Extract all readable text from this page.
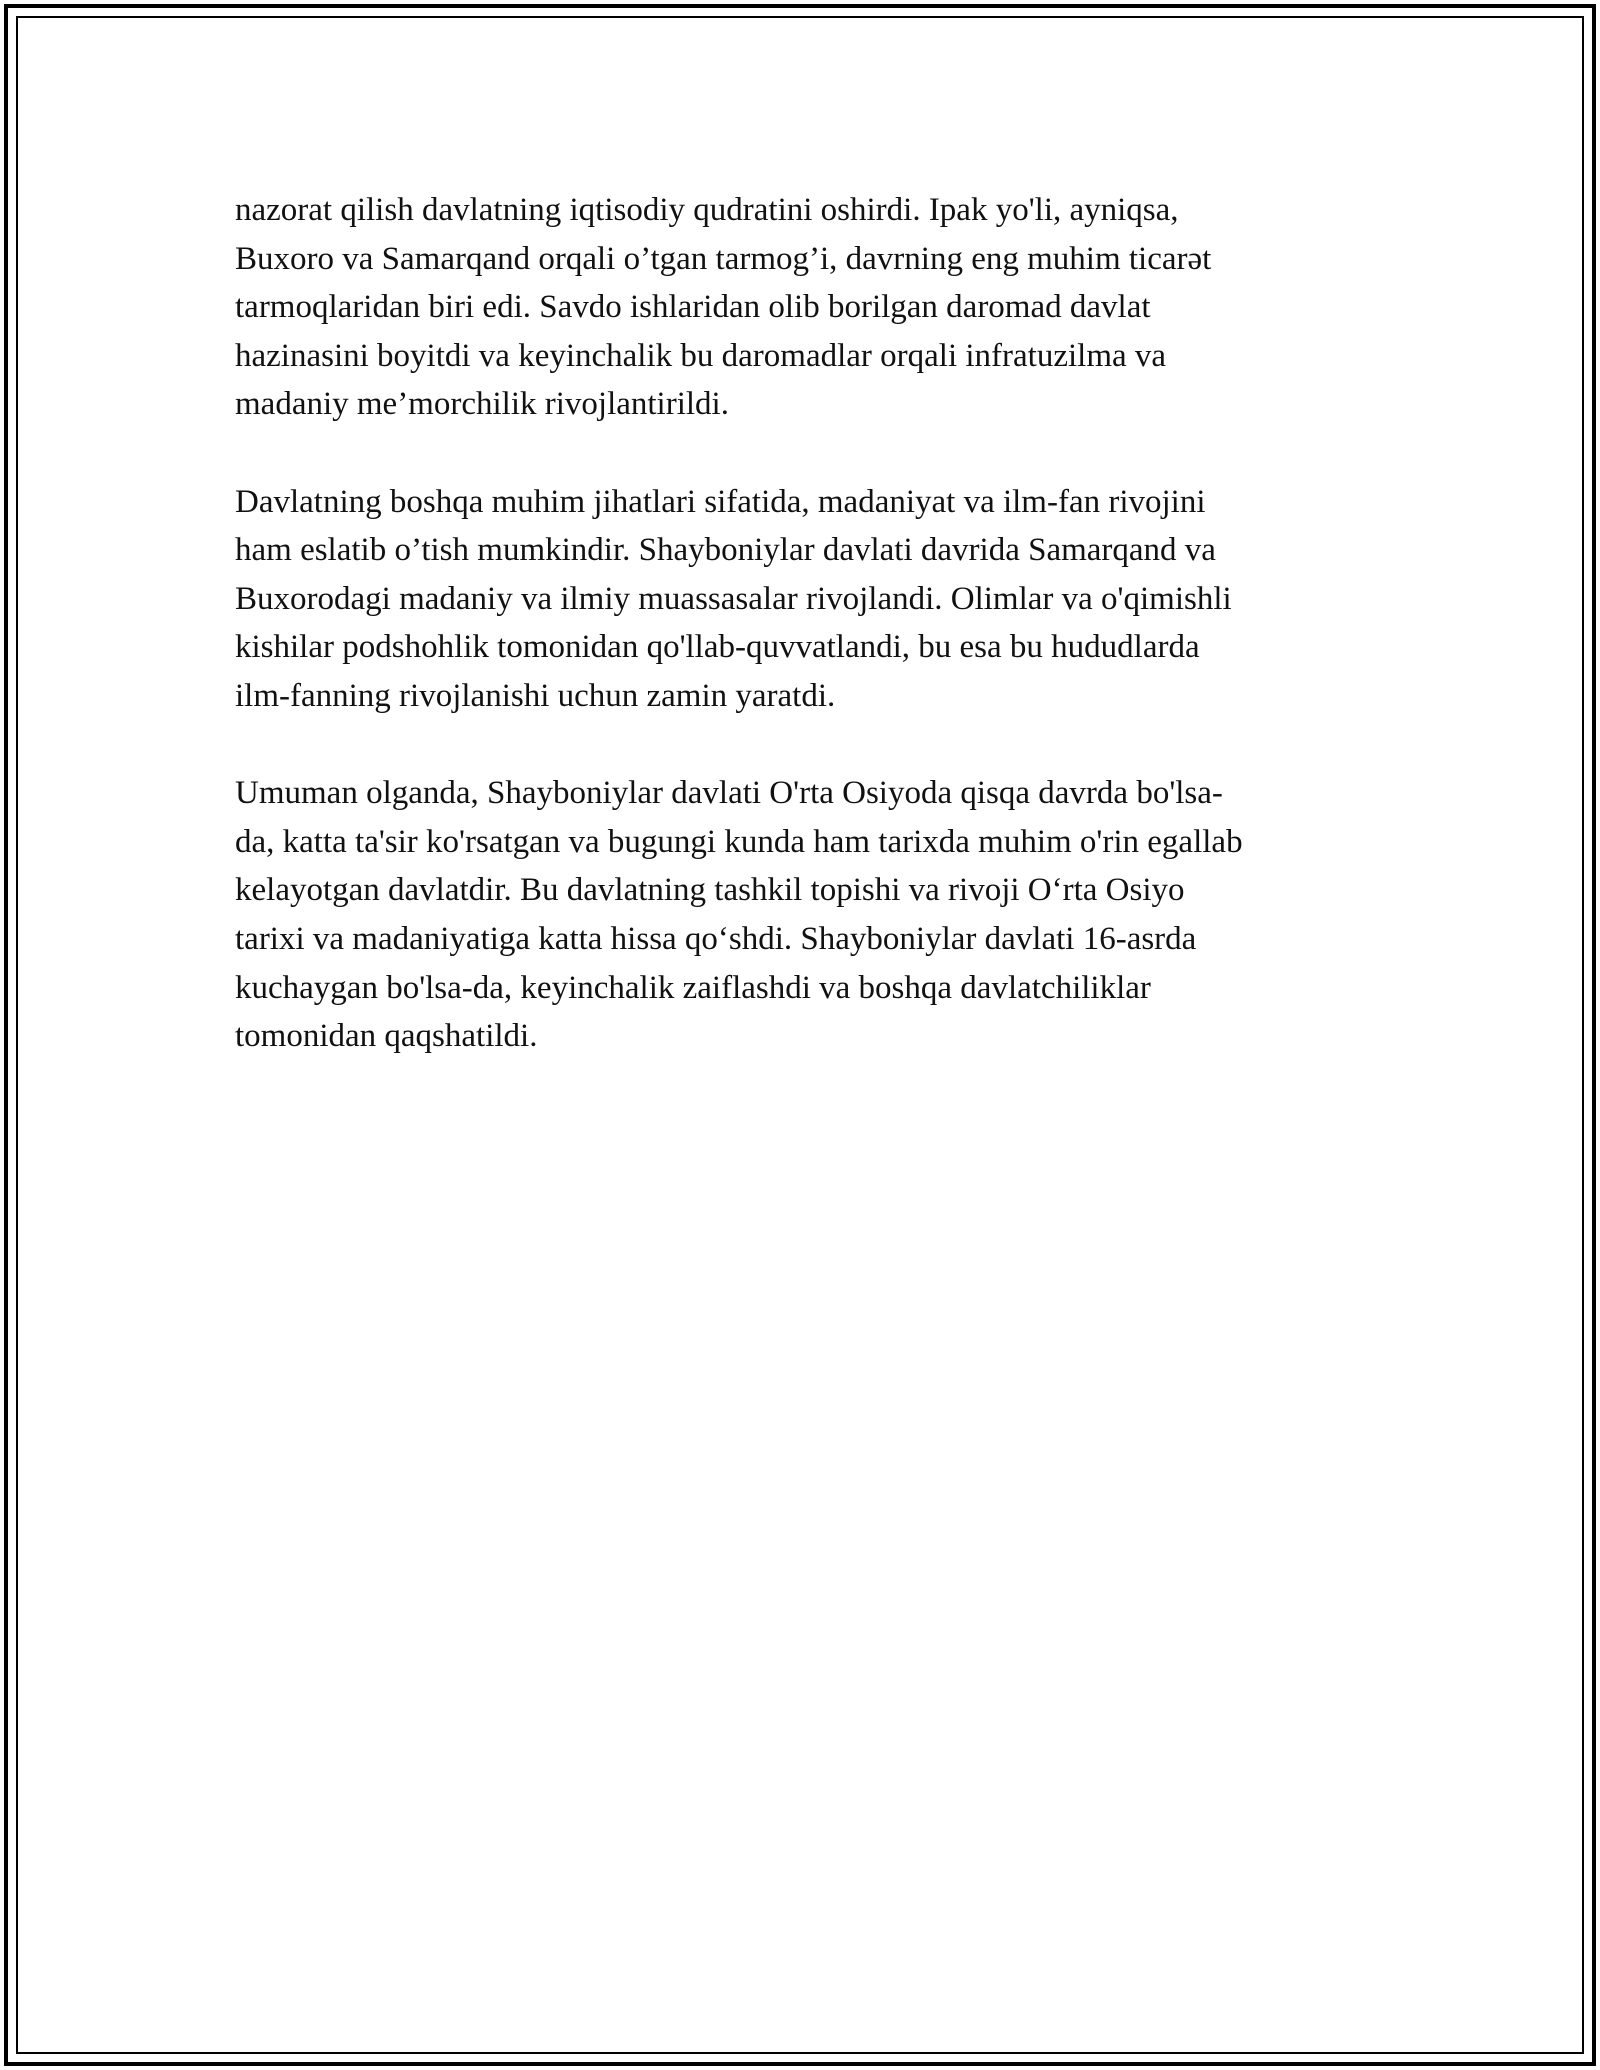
nazorat qilish davlatning iqtisodiy qudratini oshirdi. Ipak yo'li, ayniqsa,
Buxoro va Samarqand orqali o’tgan tarmog’i, davrning eng muhim ticarət
tarmoqlaridan biri edi. Savdo ishlaridan olib borilgan daromad davlat
hazinasini boyitdi va keyinchalik bu daromadlar orqali infratuzilma va
madaniy me’morchilik rivojlantirildi.

Davlatning boshqa muhim jihatlari sifatida, madaniyat va ilm-fan rivojini
ham eslatib o’tish mumkindir. Shayboniylar davlati davrida Samarqand va
Buxorodagi madaniy va ilmiy muassasalar rivojlandi. Olimlar va o'qimishli
kishilar podshohlik tomonidan qo'llab-quvvatlandi, bu esa bu hududlarda
ilm-fanning rivojlanishi uchun zamin yaratdi.

Umuman olganda, Shayboniylar davlati O'rta Osiyoda qisqa davrda bo'lsa-
da, katta ta'sir ko'rsatgan va bugungi kunda ham tarixda muhim o'rin egallab
kelayotgan davlatdir. Bu davlatning tashkil topishi va rivoji O‘rta Osiyo
tarixi va madaniyatiga katta hissa qo‘shdi. Shayboniylar davlati 16-asrda
kuchaygan bo'lsa-da, keyinchalik zaiflashdi va boshqa davlatchiliklar
tomonidan qaqshatildi.
